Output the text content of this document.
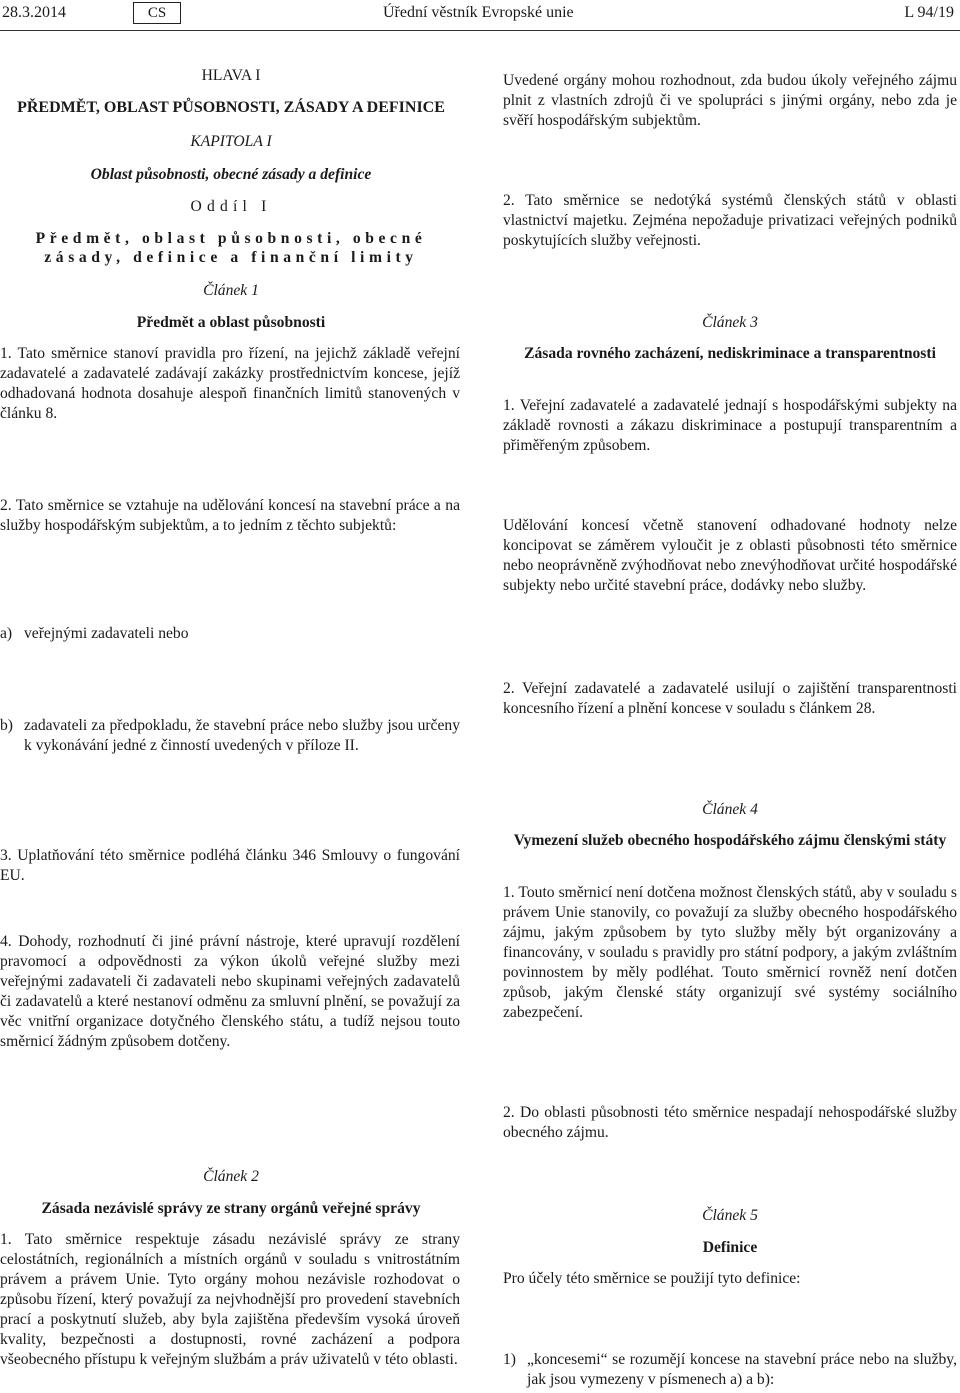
28.3.2014	CS	Úřední věstník Evropské unie	L 94/19
HLAVA I
PŘEDMĚT, OBLAST PŮSOBNOSTI, ZÁSADY A DEFINICE
KAPITOLA I
Oblast působnosti, obecné zásady a definice
Oddíl I
Předmět, oblast působnosti, obecné
zásady, definice a finanční limity
Článek 1
Předmět a oblast působnosti
1. Tato směrnice stanoví pravidla pro řízení, na jejichž základě veřejní zadavatelé a zadavatelé zadávají zakázky prostřednictvím koncese, jejíž odhadovaná hodnota dosahuje alespoň finančních limitů stanovených v článku 8.
2. Tato směrnice se vztahuje na udělování koncesí na stavební práce a na služby hospodářským subjektům, a to jedním z těchto subjektů:
a) veřejnými zadavateli nebo
b) zadavateli za předpokladu, že stavební práce nebo služby jsou určeny k vykonávání jedné z činností uvedených v příloze II.
3. Uplatňování této směrnice podléhá článku 346 Smlouvy o fungování EU.
4. Dohody, rozhodnutí či jiné právní nástroje, které upravují rozdělení pravomocí a odpovědnosti za výkon úkolů veřejné služby mezi veřejnými zadavateli či zadavateli nebo skupinami veřejných zadavatelů či zadavatelů a které nestanoví odměnu za smluvní plnění, se považují za věc vnitřní organizace dotyčného členského státu, a tudíž nejsou touto směrnicí žádným způsobem dotčeny.
Článek 2
Zásada nezávislé správy ze strany orgánů veřejné správy
1. Tato směrnice respektuje zásadu nezávislé správy ze strany celostátních, regionálních a místních orgánů v souladu s vnitrostátním právem a právem Unie. Tyto orgány mohou nezávisle rozhodovat o způsobu řízení, který považují za nejvhodnější pro provedení stavebních prací a poskytnutí služeb, aby byla zajištěna především vysoká úroveň kvality, bezpečnosti a dostupnosti, rovné zacházení a podpora všeobecného přístupu k veřejným službám a práv uživatelů v této oblasti.
Uvedené orgány mohou rozhodnout, zda budou úkoly veřejného zájmu plnit z vlastních zdrojů či ve spolupráci s jinými orgány, nebo zda je svěří hospodářským subjektům.
2. Tato směrnice se nedotýká systémů členských států v oblasti vlastnictví majetku. Zejména nepožaduje privatizaci veřejných podniků poskytujících služby veřejnosti.
Článek 3
Zásada rovného zacházení, nediskriminace a transparentnosti
1. Veřejní zadavatelé a zadavatelé jednají s hospodářskými subjekty na základě rovnosti a zákazu diskriminace a postupují transparentním a přiměřeným způsobem.
Udělování koncesí včetně stanovení odhadované hodnoty nelze koncipovat se záměrem vyloučit je z oblasti působnosti této směrnice nebo neoprávněně zvýhodňovat nebo znevýhodňovat určité hospodářské subjekty nebo určité stavební práce, dodávky nebo služby.
2. Veřejní zadavatelé a zadavatelé usilují o zajištění transparentnosti koncesního řízení a plnění koncese v souladu s článkem 28.
Článek 4
Vymezení služeb obecného hospodářského zájmu členskými státy
1. Touto směrnicí není dotčena možnost členských států, aby v souladu s právem Unie stanovily, co považují za služby obecného hospodářského zájmu, jakým způsobem by tyto služby měly být organizovány a financovány, v souladu s pravidly pro státní podpory, a jakým zvláštním povinnostem by měly podléhat. Touto směrnicí rovněž není dotčen způsob, jakým členské státy organizují své systémy sociálního zabezpečení.
2. Do oblasti působnosti této směrnice nespadají nehospodářské služby obecného zájmu.
Článek 5
Definice
Pro účely této směrnice se použijí tyto definice:
1) „koncesemi“ se rozumějí koncese na stavební práce nebo na služby, jak jsou vymezeny v písmenech a) a b):
